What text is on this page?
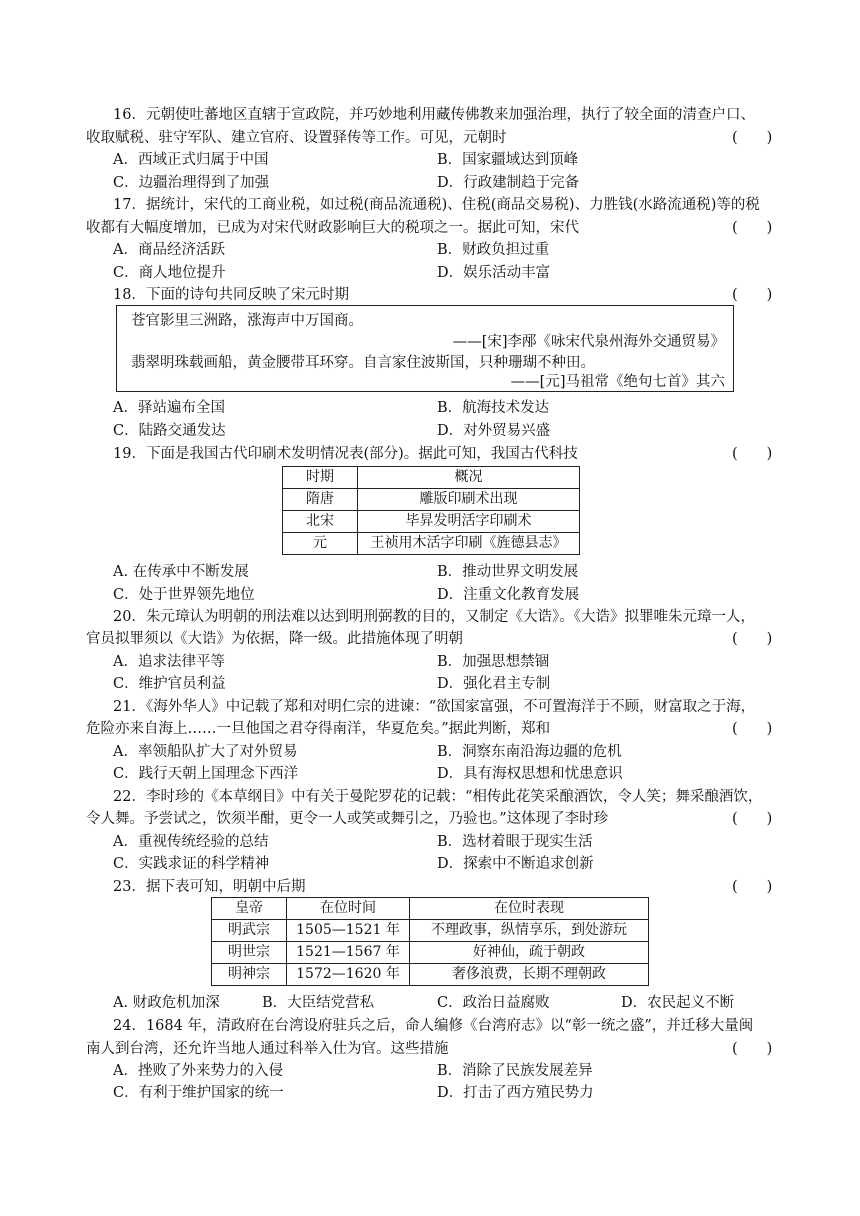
16．元朝使吐蕃地区直辖于宣政院，并巧妙地利用藏传佛教来加强治理，执行了较全面的清查户口、
收取赋税、驻守军队、建立官府、设置驿传等工作。可见，元朝时	(　　)
A．西域正式归属于中国	B．国家疆域达到顶峰
C．边疆治理得到了加强	D．行政建制趋于完备
17．据统计，宋代的工商业税，如过税(商品流通税)、住税(商品交易税)、力胜钱(水路流通税)等的税
收都有大幅度增加，已成为对宋代财政影响巨大的税项之一。据此可知，宋代	(　　)
A．商品经济活跃	B．财政负担过重
C．商人地位提升	D．娱乐活动丰富
18．下面的诗句共同反映了宋元时期	(　　)
苍官影里三洲路，涨海声中万国商。
——[宋]李邴《咏宋代泉州海外交通贸易》
翡翠明珠载画船，黄金腰带耳环穿。自言家住波斯国，只种珊瑚不种田。
——[元]马祖常《绝句七首》其六
A．驿站遍布全国	B．航海技术发达
C．陆路交通发达	D．对外贸易兴盛
19．下面是我国古代印刷术发明情况表(部分)。据此可知，我国古代科技	(　　)
时期	概况
隋唐	雕版印刷术出现
北宋	毕昇发明活字印刷术
元	王祯用木活字印刷《旌德县志》
A. 在传承中不断发展	B．推动世界文明发展
C．处于世界领先地位	D．注重文化教育发展
20．朱元璋认为明朝的刑法难以达到明刑弼教的目的，又制定《大诰》。《大诰》拟罪唯朱元璋一人，
官员拟罪须以《大诰》为依据，降一级。此措施体现了明朝	(　　)
A．追求法律平等	B．加强思想禁锢
C．维护官员利益	D．强化君主专制
21．《海外华人》中记载了郑和对明仁宗的进谏：“欲国家富强，不可置海洋于不顾，财富取之于海，
危险亦来自海上……一旦他国之君夺得南洋，华夏危矣。”据此判断，郑和	(　　)
A．率领船队扩大了对外贸易	B．洞察东南沿海边疆的危机
C．践行天朝上国理念下西洋	D．具有海权思想和忧患意识
22．李时珍的《本草纲目》中有关于曼陀罗花的记载：“相传此花笑采酿酒饮，令人笑；舞采酿酒饮，
令人舞。予尝试之，饮须半酣，更令一人或笑或舞引之，乃验也。”这体现了李时珍	(　　)
A．重视传统经验的总结	B．选材着眼于现实生活
C．实践求证的科学精神	D．探索中不断追求创新
23．据下表可知，明朝中后期	(　　)
皇帝	在位时间	在位时表现
明武宗	1505—1521 年	不理政事，纵情享乐，到处游玩
明世宗	1521—1567 年	好神仙，疏于朝政
明神宗	1572—1620 年	奢侈浪费，长期不理朝政
A. 财政危机加深	B．大臣结党营私	C．政治日益腐败	D．农民起义不断
24．1684 年，清政府在台湾设府驻兵之后，命人编修《台湾府志》以“彰一统之盛”，并迁移大量闽
南人到台湾，还允许当地人通过科举入仕为官。这些措施	(　　)
A．挫败了外来势力的入侵	B．消除了民族发展差异
C．有利于维护国家的统一	D．打击了西方殖民势力
